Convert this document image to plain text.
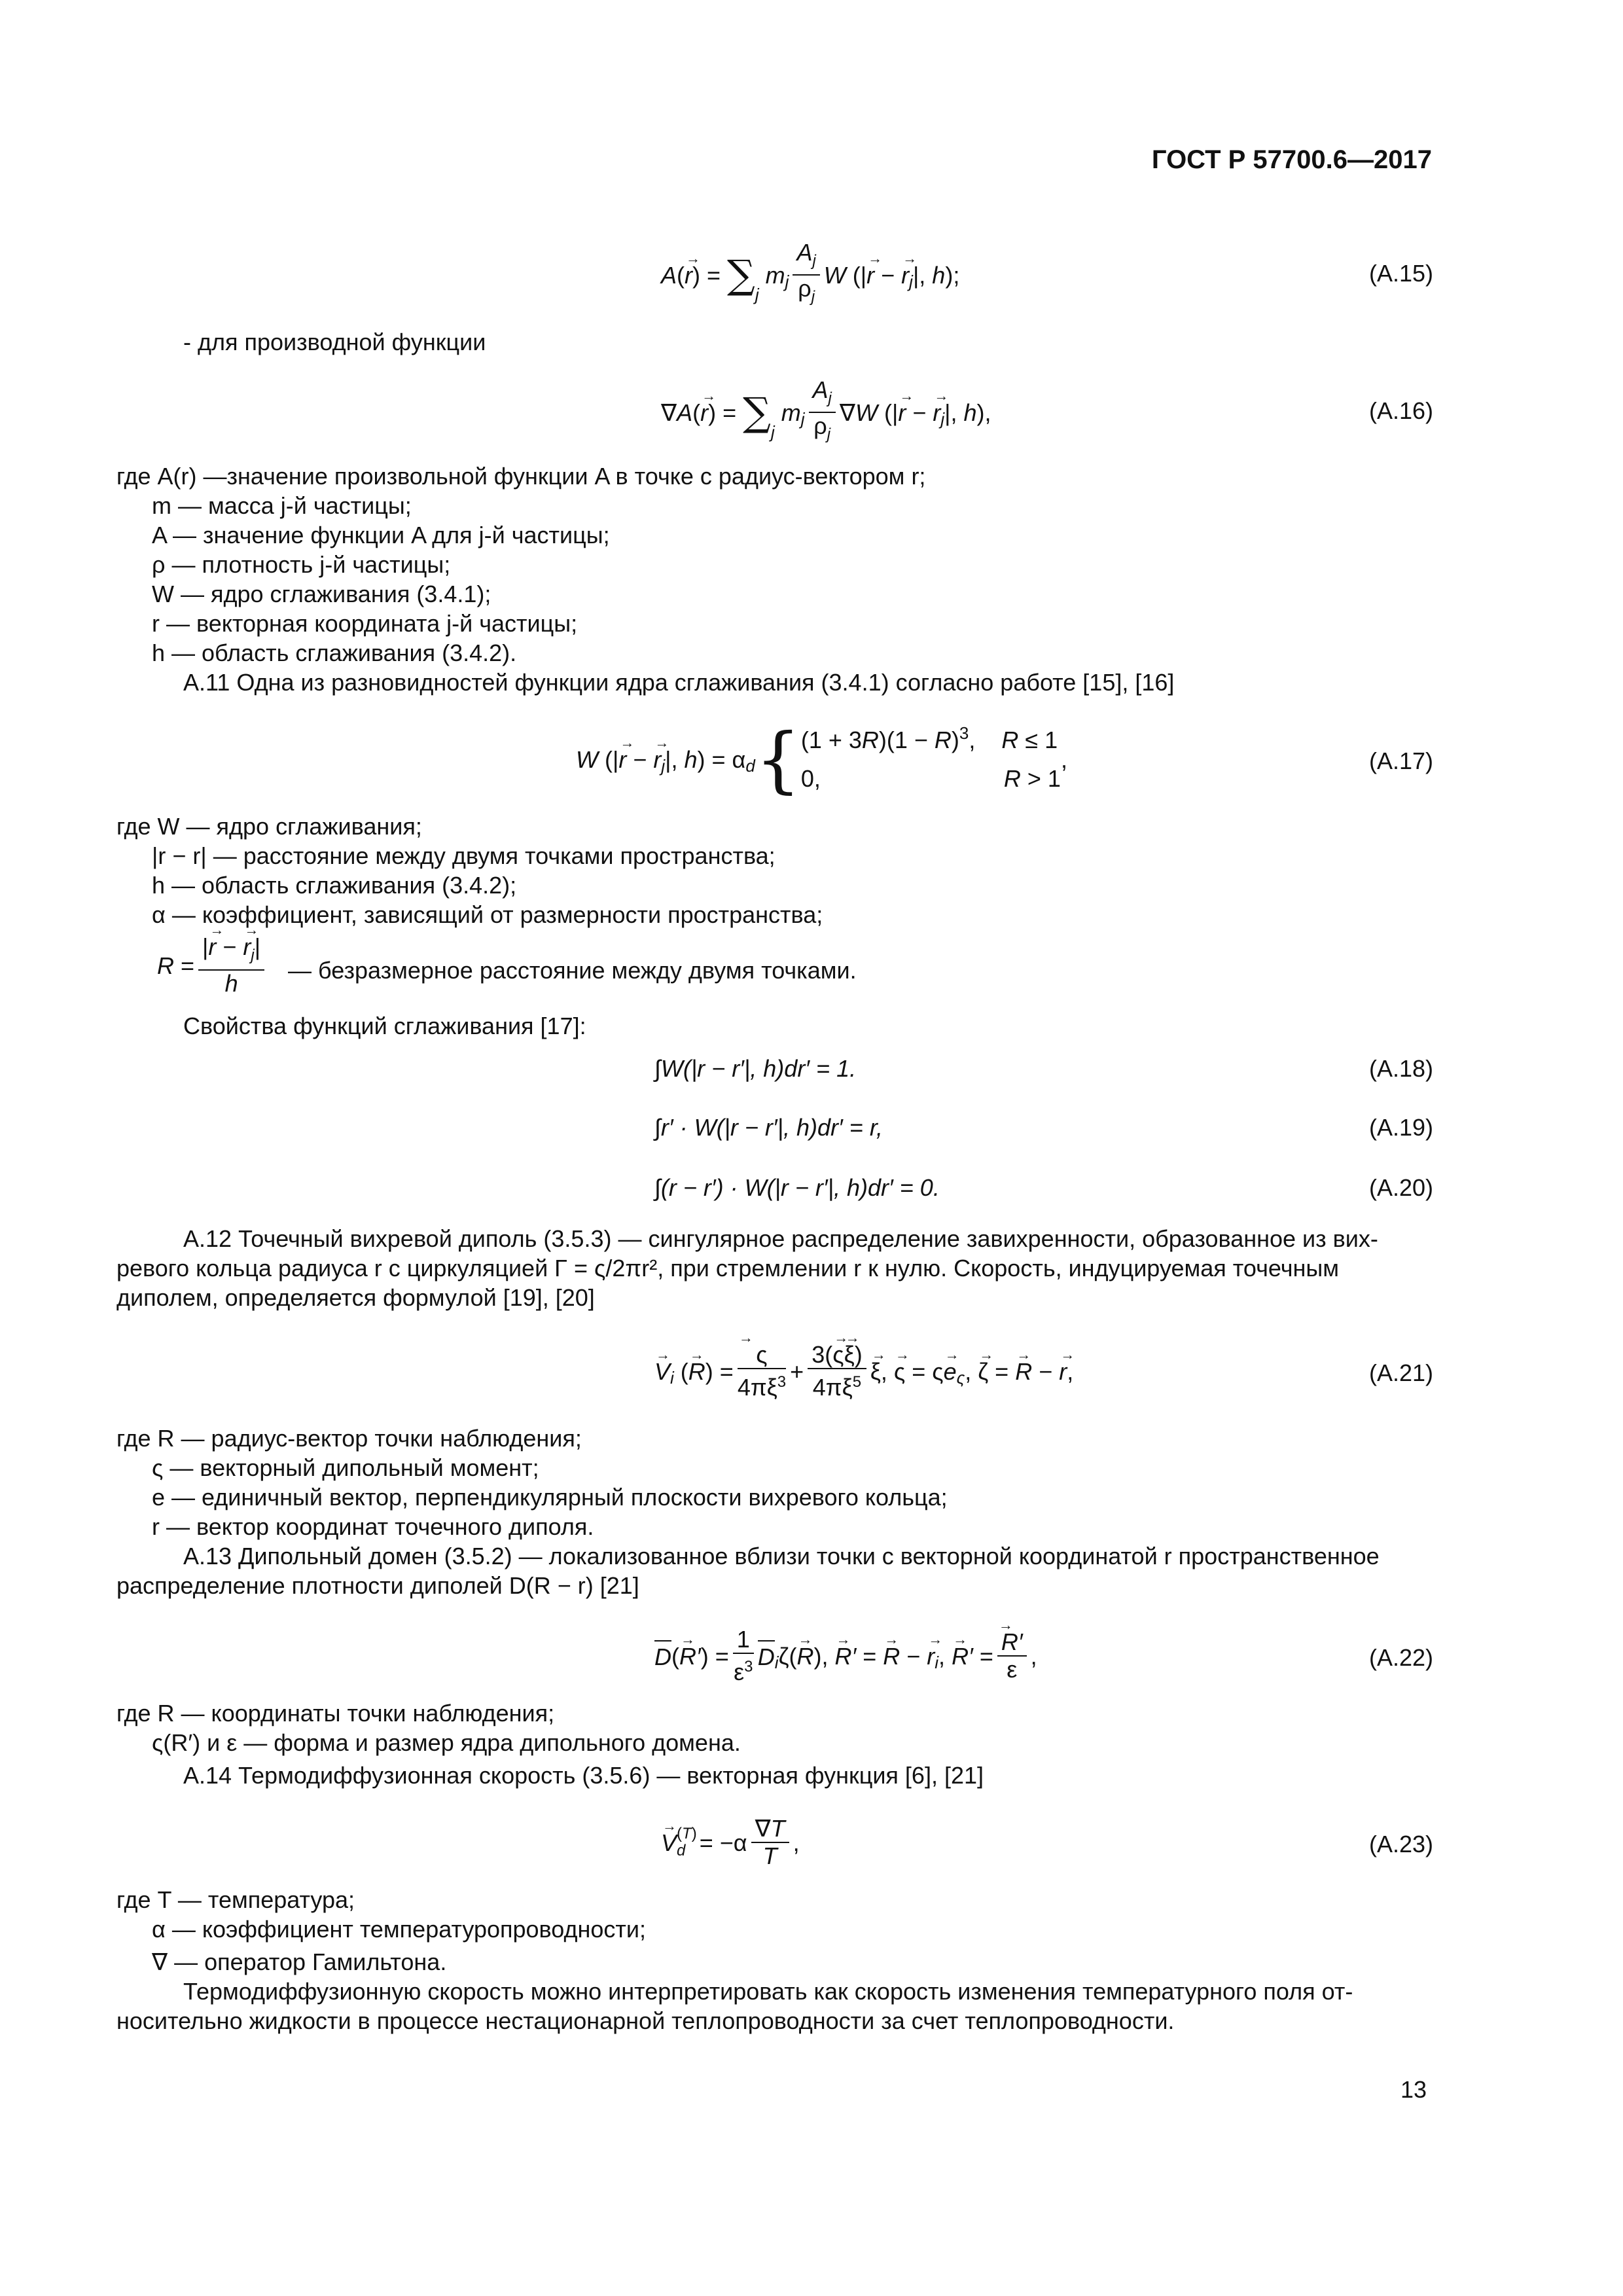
ГОСТ Р 57700.6—2017
A (
→ r ) = ∑ j
m j $\frac{A_j}{\rho_j}$ W (|
→ r −
→ r j |, h );	(A.15)
- для производной функции
∇ A (
→ r ) = ∑ j
m j $\frac{A_j}{\rho_j}$ ∇ W (|
→ r −
→ r j |, h ),	(A.16)
где A(r) —значение произвольной функции A в точке с радиус-вектором r;
m — масса j-й частицы;
A — значение функции A для j-й частицы;
ρ — плотность j-й частицы;
W — ядро сглаживания (3.4.1);
r — векторная координата j-й частицы;
h — область сглаживания (3.4.2).
А.11 Одна из разновидностей функции ядра сглаживания (3.4.1) согласно работе [15], [16]
W (|
→ r −
→ r j |, h ) = α d { $(1 + 3R)(1 - R)^3$,    R ≤ 1
0,                            R > 1
,	(A.17)
где W — ядро сглаживания;
|r − r| — расстояние между двумя точками пространства;
h — область сглаживания (3.4.2);
α — коэффициент, зависящий от размерности пространства;
$R = \frac{|\to r - \to r_j|}{h}$ — безразмерное расстояние между двумя точками.
Свойства функций сглаживания [17]:
∫W(|r − r′|, h)dr′ = 1.	(A.18)
∫r′ · W(|r − r′|, h)dr′ = r,	(A.19)
∫(r − r′) · W(|r − r′|, h)dr′ = 0.	(A.20)
А.12 Точечный вихревой диполь (3.5.3) — сингулярное распределение завихренности, образованное из вих-
ревого кольца радиуса r с циркуляцией Γ = ς/2πr², при стремлении r к нулю. Скорость, индуцируемая точечным
диполем, определяется формулой [19], [20]
→ V i (
→ R ) =
→ $\frac{\varsigma}{4\pi\xi^3} + \frac{3(\to \varsigma\to \xi)}{4\pi\xi^5}$
→ ξ ,
→ ς = ς
→ e ς ,
→ ζ =
→ R −
→ r ,	(A.21)
где R — радиус-вектор точки наблюдения;
ς — векторный дипольный момент;
e — единичный вектор, перпендикулярный плоскости вихревого кольца;
r — вектор координат точечного диполя.
А.13 Дипольный домен (3.5.2) — локализованное вблизи точки с векторной координатой r пространственное
распределение плотности диполей D(R − r) [21]
D (
→ R′ ) = $\frac{1}{\varepsilon^3}$ D i ζ(
→ R ),
→ R′ =
→ R −
→ r i ,
→ R′ =
→ $\frac{R'}{\varepsilon}$ ,	(A.22)
где R — координаты точки наблюдения;
ς(R′) и ε — форма и размер ядра дипольного домена.
А.14 Термодиффузионная скорость (3.5.6) — векторная функция [6], [21]
→ V (T)
$d = -\alpha \frac{\nabla T}{T}$ ,	(A.23)
где T — температура;
α — коэффициент температуропроводности;
∇ — оператор Гамильтона.
Термодиффузионную скорость можно интерпретировать как скорость изменения температурного поля от-
носительно жидкости в процессе нестационарной теплопроводности за счет теплопроводности.
13
